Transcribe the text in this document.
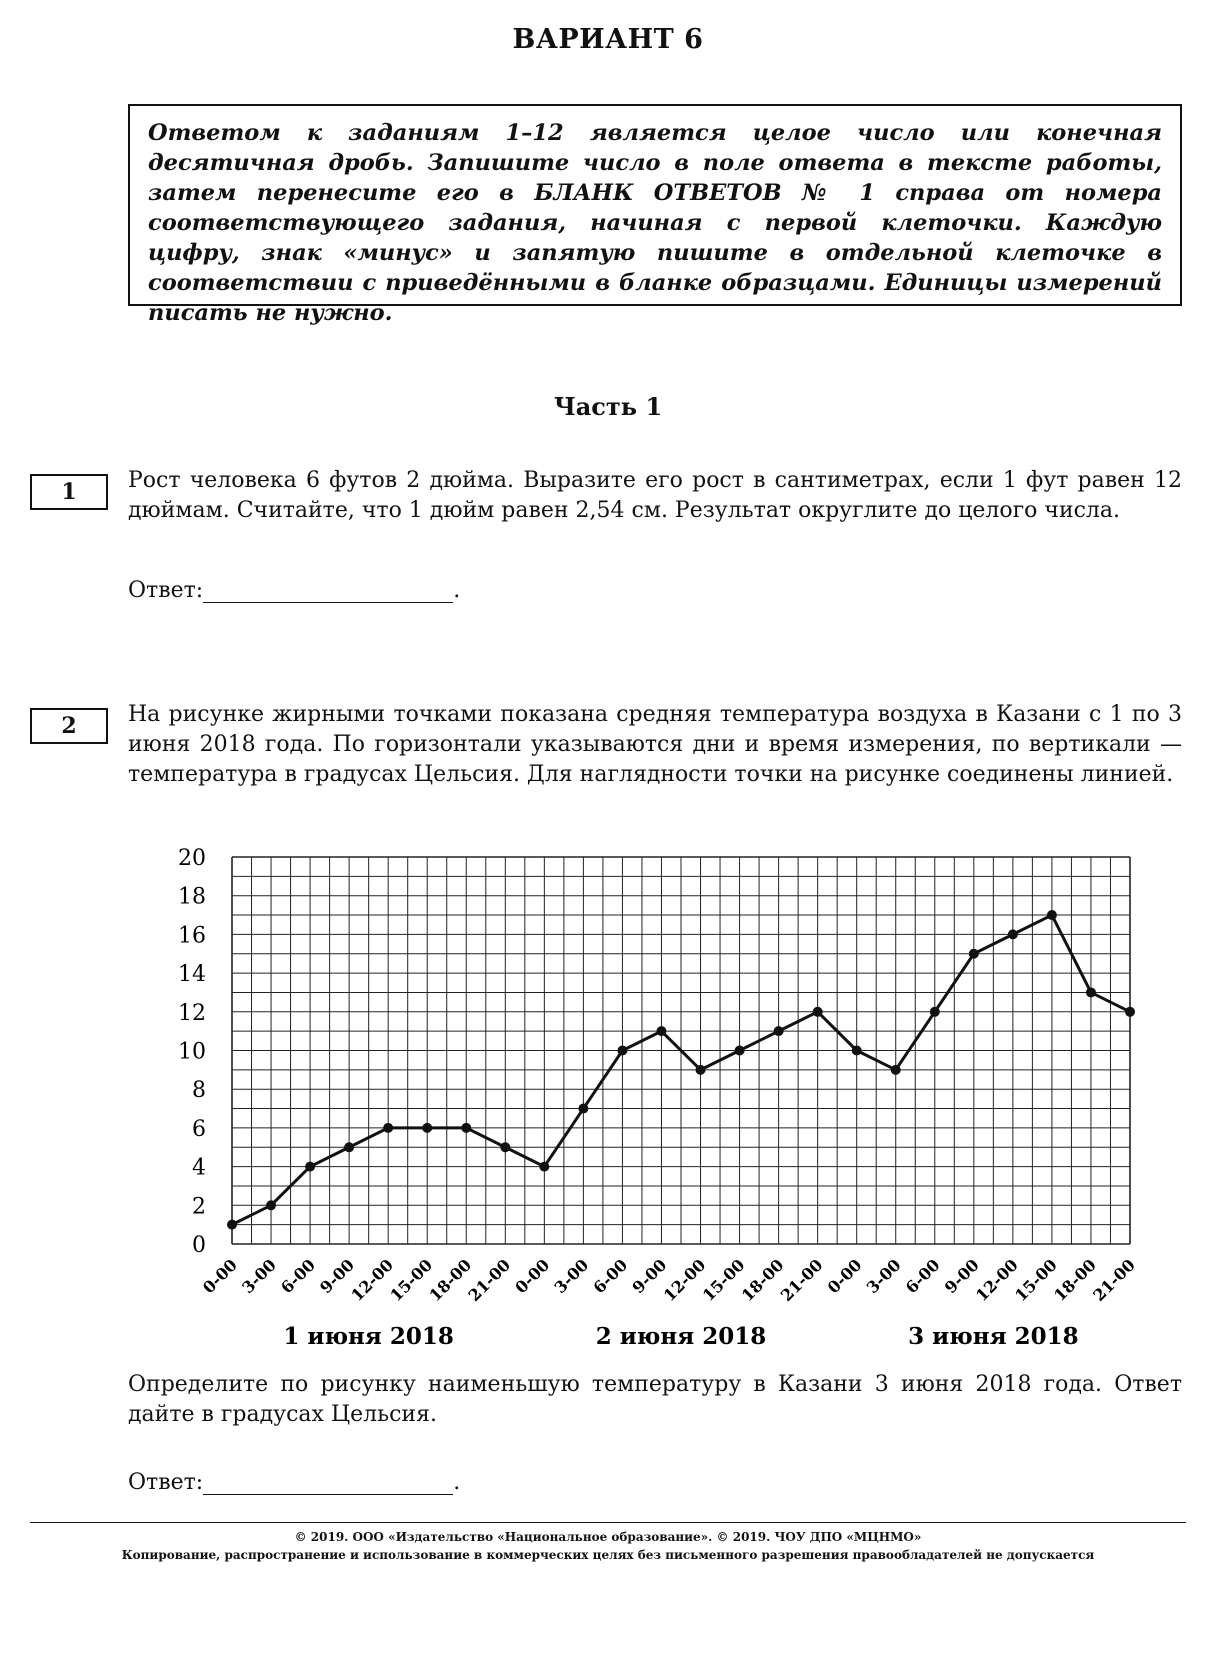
ВАРИАНТ 6

Ответом к заданиям 1–12 является целое число или конечная десятичная дробь. Запишите число в поле ответа в тексте работы, затем перенесите его в БЛАНК ОТВЕТОВ № 1 справа от номера соответствующего задания, начиная с первой клеточки. Каждую цифру, знак «минус» и запятую пишите в отдельной клеточке в соответствии с приведёнными в бланке образцами. Единицы измерений писать не нужно.

Часть 1
1	Рост человека 6 футов 2 дюйма. Выразите его рост в сантиметрах, если 1 фут равен 12 дюймам. Считайте, что 1 дюйм равен 2,54 см. Результат округлите до целого числа.

Ответ:	.
2	На рисунке жирными точками показана средняя температура воздуха в Казани с 1 по 3 июня 2018 года. По горизонтали указываются дни и время измерения, по вертикали — температура в градусах Цельсия. Для наглядности точки на рисунке соединены линией.

0
2
4
6
8
10
12
14
16
18
20
0-00
3-00
6-00
9-00
12-00
15-00
18-00
21-00
0-00
3-00
6-00
9-00
12-00
15-00
18-00
21-00
0-00
3-00
6-00
9-00
12-00
15-00
18-00
21-00
1 июня 2018	2 июня 2018	3 июня 2018

Определите по рисунку наименьшую температуру в Казани 3 июня 2018 года. Ответ дайте в градусах Цельсия.

Ответ:	.
© 2019. ООО «Издательство «Национальное образование». © 2019. ЧОУ ДПО «МЦНМО»
Копирование, распространение и использование в коммерческих целях без письменного разрешения правообладателей не допускается
